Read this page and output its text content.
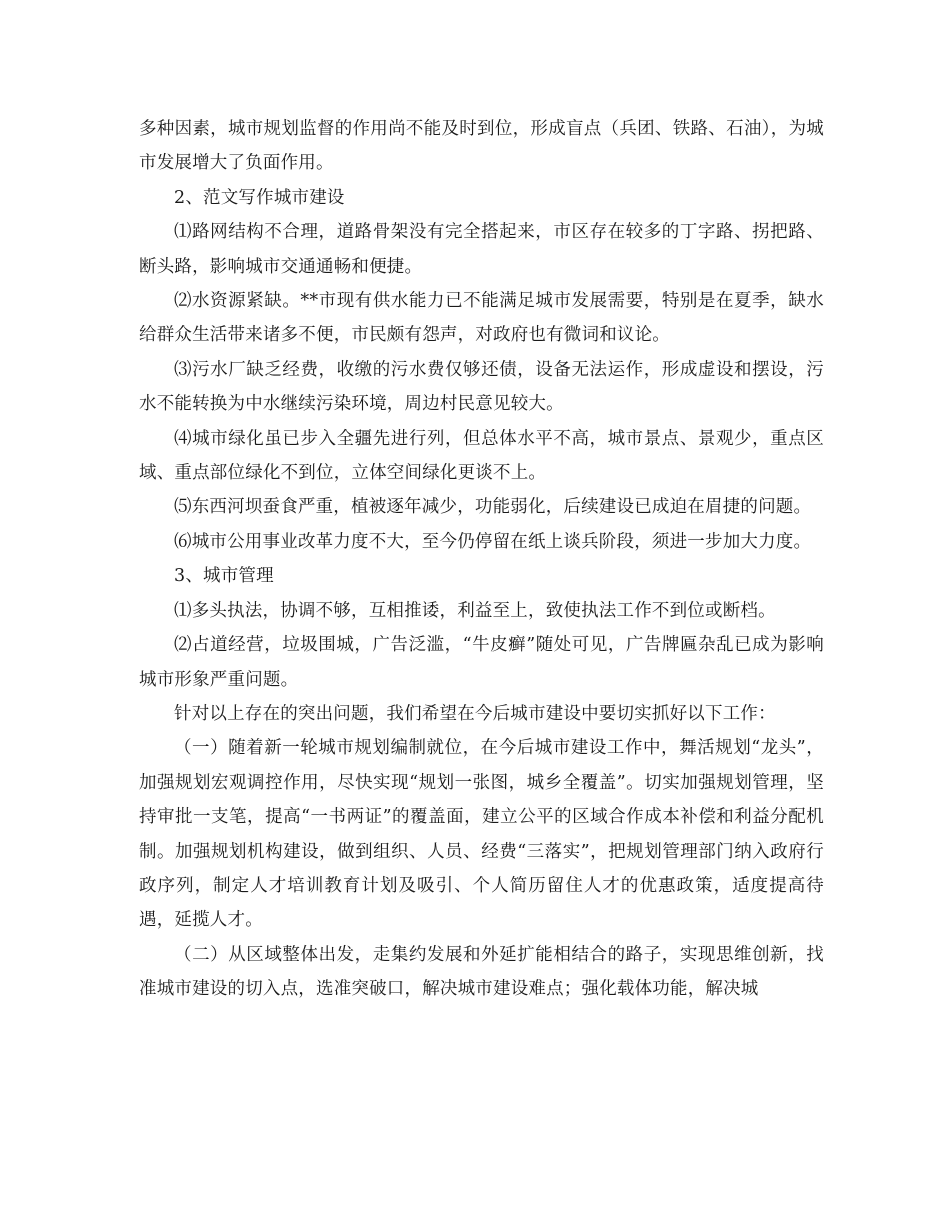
多种因素，城市规划监督的作用尚不能及时到位，形成盲点（兵团、铁路、石油），为城市发展增大了负面作用。

2、范文写作城市建设

⑴路网结构不合理，道路骨架没有完全搭起来，市区存在较多的丁字路、拐把路、断头路，影响城市交通通畅和便捷。

⑵水资源紧缺。**市现有供水能力已不能满足城市发展需要，特别是在夏季，缺水给群众生活带来诸多不便，市民颇有怨声，对政府也有微词和议论。

⑶污水厂缺乏经费，收缴的污水费仅够还债，设备无法运作，形成虚设和摆设，污水不能转换为中水继续污染环境，周边村民意见较大。

⑷城市绿化虽已步入全疆先进行列，但总体水平不高，城市景点、景观少，重点区域、重点部位绿化不到位，立体空间绿化更谈不上。

⑸东西河坝蚕食严重，植被逐年减少，功能弱化，后续建设已成迫在眉捷的问题。

⑹城市公用事业改革力度不大，至今仍停留在纸上谈兵阶段，须进一步加大力度。

3、城市管理

⑴多头执法，协调不够，互相推诿，利益至上，致使执法工作不到位或断档。

⑵占道经营，垃圾围城，广告泛滥，“牛皮癣”随处可见，广告牌匾杂乱已成为影响城市形象严重问题。

针对以上存在的突出问题，我们希望在今后城市建设中要切实抓好以下工作：

（一）随着新一轮城市规划编制就位，在今后城市建设工作中，舞活规划“龙头”，加强规划宏观调控作用，尽快实现“规划一张图，城乡全覆盖”。切实加强规划管理，坚持审批一支笔，提高“一书两证”的覆盖面，建立公平的区域合作成本补偿和利益分配机制。加强规划机构建设，做到组织、人员、经费“三落实”，把规划管理部门纳入政府行政序列，制定人才培训教育计划及吸引、个人简历留住人才的优惠政策，适度提高待遇，延揽人才。

（二）从区域整体出发，走集约发展和外延扩能相结合的路子，实现思维创新，找准城市建设的切入点，选准突破口，解决城市建设难点；强化载体功能，解决城
